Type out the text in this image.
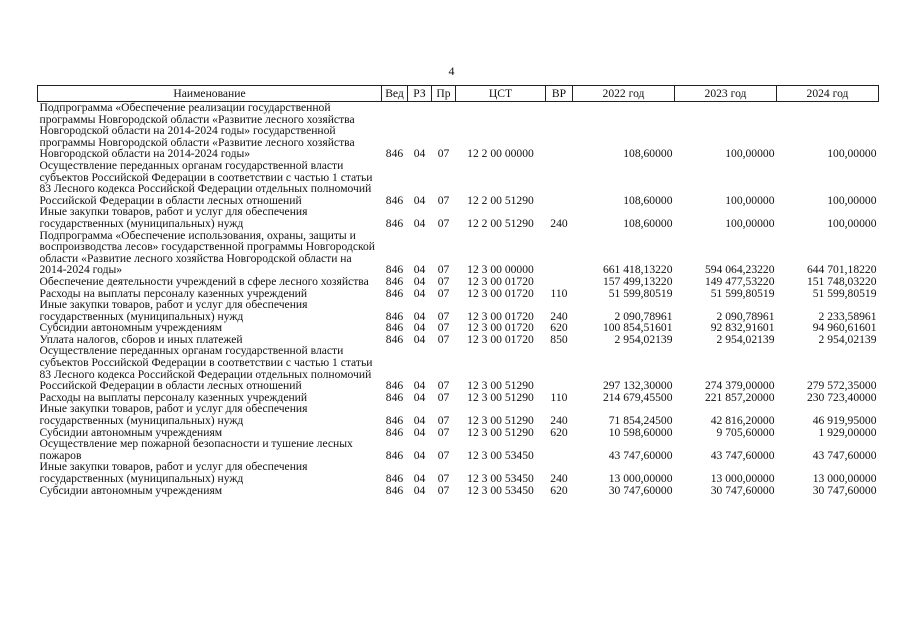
4
Наименование	Вед	РЗ	Пр	ЦСТ	ВР	2022 год	2023 год	2024 год
Подпрограмма «Обеспечение реализации государственной программы Новгородской области «Развитие лесного хозяйства Новгородской области на 2014-2024 годы» государственной программы Новгородской области «Развитие лесного хозяйства Новгородской области на 2014-2024 годы»	846	04	07	12 2 00 00000		108,60000	100,00000	100,00000
Осуществление переданных органам государственной власти субъектов Российской Федерации в соответствии с частью 1 статьи 83 Лесного кодекса Российской Федерации отдельных полномочий Российской Федерации в области лесных отношений	846	04	07	12 2 00 51290		108,60000	100,00000	100,00000
Иные закупки товаров, работ и услуг для обеспечения государственных (муниципальных) нужд	846	04	07	12 2 00 51290	240	108,60000	100,00000	100,00000
Подпрограмма «Обеспечение использования, охраны, защиты и воспроизводства лесов» государственной программы Новгородской области «Развитие лесного хозяйства Новгородской области на 2014-2024 годы»	846	04	07	12 3 00 00000		661 418,13220	594 064,23220	644 701,18220
Обеспечение деятельности учреждений в сфере лесного хозяйства	846	04	07	12 3 00 01720		157 499,13220	149 477,53220	151 748,03220
Расходы на выплаты персоналу казенных учреждений	846	04	07	12 3 00 01720	110	51 599,80519	51 599,80519	51 599,80519
Иные закупки товаров, работ и услуг для обеспечения государственных (муниципальных) нужд	846	04	07	12 3 00 01720	240	2 090,78961	2 090,78961	2 233,58961
Субсидии автономным учреждениям	846	04	07	12 3 00 01720	620	100 854,51601	92 832,91601	94 960,61601
Уплата налогов, сборов и иных платежей	846	04	07	12 3 00 01720	850	2 954,02139	2 954,02139	2 954,02139
Осуществление переданных органам государственной власти субъектов Российской Федерации в соответствии с частью 1 статьи 83 Лесного кодекса Российской Федерации отдельных полномочий Российской Федерации в области лесных отношений	846	04	07	12 3 00 51290		297 132,30000	274 379,00000	279 572,35000
Расходы на выплаты персоналу казенных учреждений	846	04	07	12 3 00 51290	110	214 679,45500	221 857,20000	230 723,40000
Иные закупки товаров, работ и услуг для обеспечения государственных (муниципальных) нужд	846	04	07	12 3 00 51290	240	71 854,24500	42 816,20000	46 919,95000
Субсидии автономным учреждениям	846	04	07	12 3 00 51290	620	10 598,60000	9 705,60000	1 929,00000
Осуществление мер пожарной безопасности и тушение лесных пожаров	846	04	07	12 3 00 53450		43 747,60000	43 747,60000	43 747,60000
Иные закупки товаров, работ и услуг для обеспечения государственных (муниципальных) нужд	846	04	07	12 3 00 53450	240	13 000,00000	13 000,00000	13 000,00000
Субсидии автономным учреждениям	846	04	07	12 3 00 53450	620	30 747,60000	30 747,60000	30 747,60000
